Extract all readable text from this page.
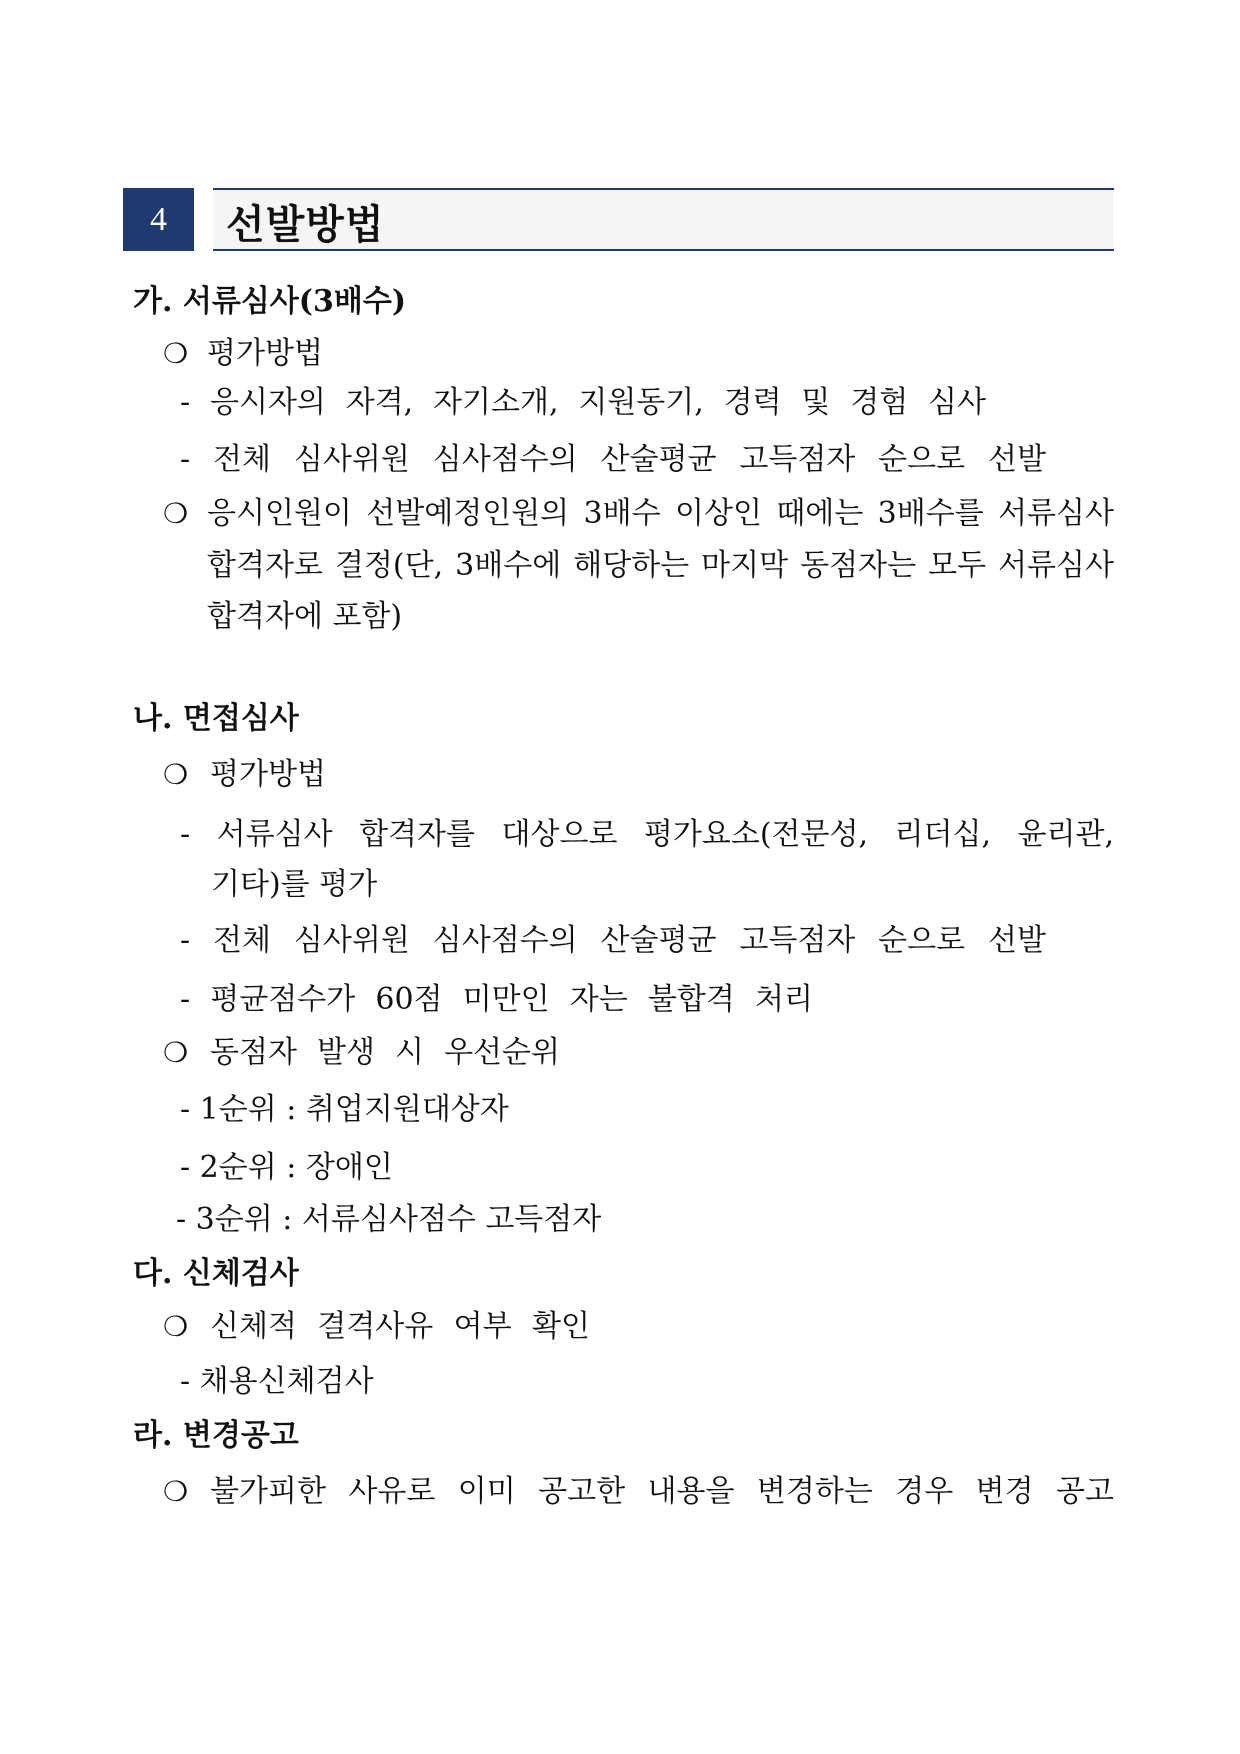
4	선발방법
가. 서류심사(3배수)
❍ 평가방법
- 응시자의 자격, 자기소개, 지원동기, 경력 및 경험 심사
- 전체 심사위원 심사점수의 산술평균 고득점자 순으로 선발
❍ 응시인원이 선발예정인원의 3배수 이상인 때에는 3배수를 서류심사
합격자로 결정(단, 3배수에 해당하는 마지막 동점자는 모두 서류심사
합격자에 포함)
나. 면접심사
❍ 평가방법
- 서류심사 합격자를 대상으로 평가요소(전문성, 리더십, 윤리관,
기타)를 평가
- 전체 심사위원 심사점수의 산술평균 고득점자 순으로 선발
- 평균점수가 60점 미만인 자는 불합격 처리
❍ 동점자 발생 시 우선순위
- 1순위 : 취업지원대상자
- 2순위 : 장애인
- 3순위 : 서류심사점수 고득점자
다. 신체검사
❍ 신체적 결격사유 여부 확인
- 채용신체검사
라. 변경공고
❍ 불가피한 사유로 이미 공고한 내용을 변경하는 경우 변경 공고
